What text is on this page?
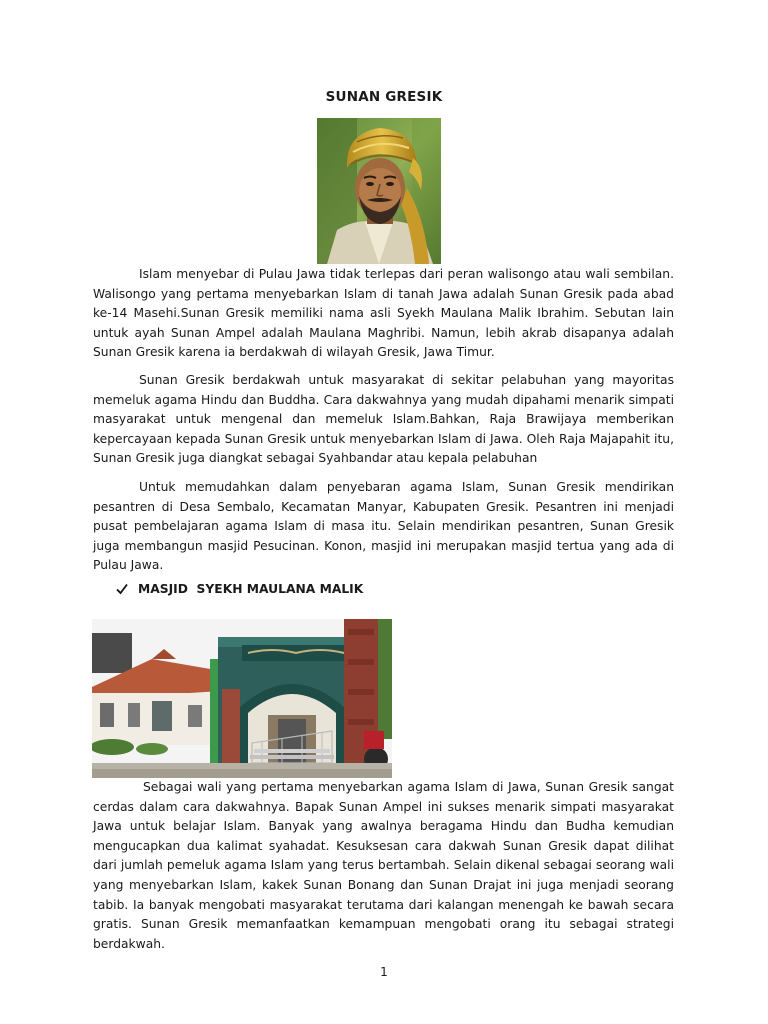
SUNAN GRESIK

Islam menyebar di Pulau Jawa tidak terlepas dari peran walisongo atau wali sembilan. Walisongo yang pertama menyebarkan Islam di tanah Jawa adalah Sunan Gresik pada abad ke-14 Masehi.Sunan Gresik memiliki nama asli Syekh Maulana Malik Ibrahim. Sebutan lain untuk ayah Sunan Ampel adalah Maulana Maghribi. Namun, lebih akrab disapanya adalah Sunan Gresik karena ia berdakwah di wilayah Gresik, Jawa Timur.

Sunan Gresik berdakwah untuk masyarakat di sekitar pelabuhan yang mayoritas memeluk agama Hindu dan Buddha. Cara dakwahnya yang mudah dipahami menarik simpati masyarakat untuk mengenal dan memeluk Islam.Bahkan, Raja Brawijaya memberikan kepercayaan kepada Sunan Gresik untuk menyebarkan Islam di Jawa. Oleh Raja Majapahit itu, Sunan Gresik juga diangkat sebagai Syahbandar atau kepala pelabuhan

Untuk memudahkan dalam penyebaran agama Islam, Sunan Gresik mendirikan pesantren di Desa Sembalo, Kecamatan Manyar, Kabupaten Gresik. Pesantren ini menjadi pusat pembelajaran agama Islam di masa itu. Selain mendirikan pesantren, Sunan Gresik juga membangun masjid Pesucinan. Konon, masjid ini merupakan masjid tertua yang ada di Pulau Jawa.

MASJID  SYEKH MAULANA MALIK

Sebagai wali yang pertama menyebarkan agama Islam di Jawa, Sunan Gresik sangat cerdas dalam cara dakwahnya. Bapak Sunan Ampel ini sukses menarik simpati masyarakat Jawa untuk belajar Islam. Banyak yang awalnya beragama Hindu dan Budha kemudian mengucapkan dua kalimat syahadat. Kesuksesan cara dakwah Sunan Gresik dapat dilihat dari jumlah pemeluk agama Islam yang terus bertambah. Selain dikenal sebagai seorang wali yang menyebarkan Islam, kakek Sunan Bonang dan Sunan Drajat ini juga menjadi seorang tabib. Ia banyak mengobati masyarakat terutama dari kalangan menengah ke bawah secara gratis. Sunan Gresik memanfaatkan kemampuan mengobati orang itu sebagai strategi berdakwah.

1
